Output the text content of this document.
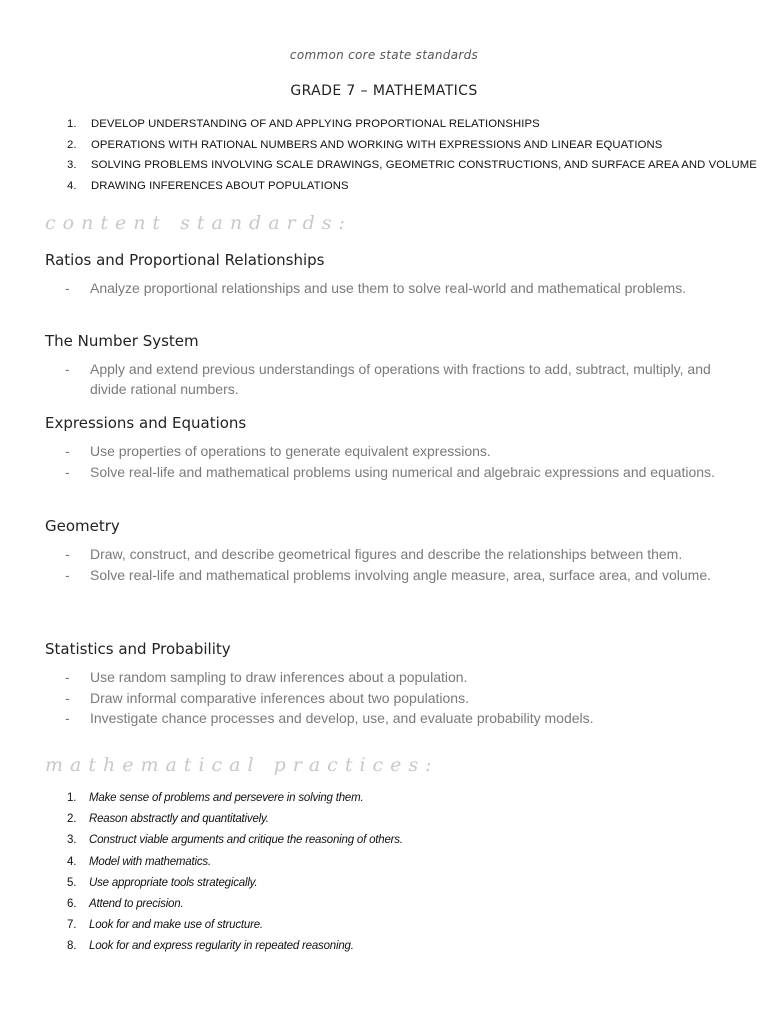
common core state standards
GRADE 7 – MATHEMATICS
1. DEVELOP UNDERSTANDING OF AND APPLYING PROPORTIONAL RELATIONSHIPS
2. OPERATIONS WITH RATIONAL NUMBERS AND WORKING WITH EXPRESSIONS AND LINEAR EQUATIONS
3. SOLVING PROBLEMS INVOLVING SCALE DRAWINGS, GEOMETRIC CONSTRUCTIONS, AND SURFACE AREA AND VOLUME
4. DRAWING INFERENCES ABOUT POPULATIONS
content standards:
Ratios and Proportional Relationships
- Analyze proportional relationships and use them to solve real-world and mathematical problems.
The Number System
- Apply and extend previous understandings of operations with fractions to add, subtract, multiply, and divide rational numbers.
Expressions and Equations
- Use properties of operations to generate equivalent expressions.
- Solve real-life and mathematical problems using numerical and algebraic expressions and equations.
Geometry
- Draw, construct, and describe geometrical figures and describe the relationships between them.
- Solve real-life and mathematical problems involving angle measure, area, surface area, and volume.
Statistics and Probability
- Use random sampling to draw inferences about a population.
- Draw informal comparative inferences about two populations.
- Investigate chance processes and develop, use, and evaluate probability models.
mathematical practices:
1. Make sense of problems and persevere in solving them.
2. Reason abstractly and quantitatively.
3. Construct viable arguments and critique the reasoning of others.
4. Model with mathematics.
5. Use appropriate tools strategically.
6. Attend to precision.
7. Look for and make use of structure.
8. Look for and express regularity in repeated reasoning.
